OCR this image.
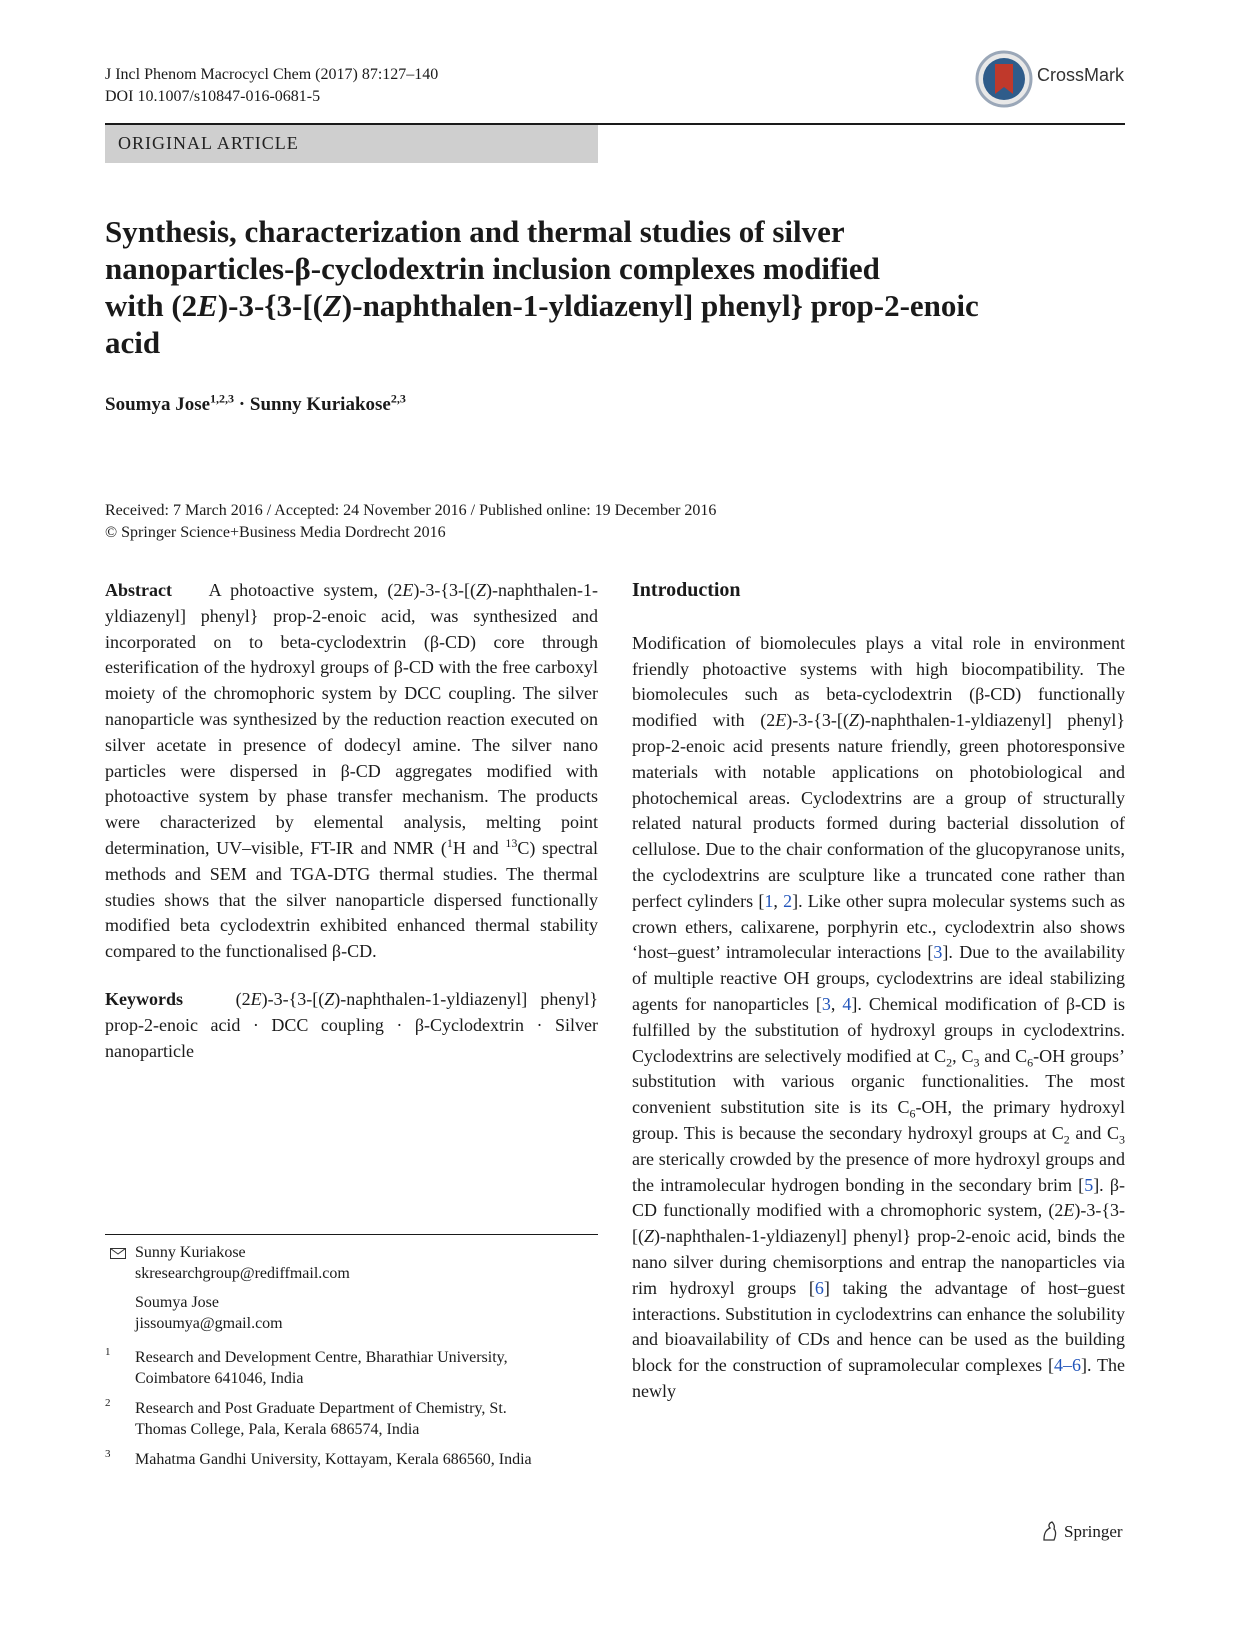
J Incl Phenom Macrocycl Chem (2017) 87:127–140
DOI 10.1007/s10847-016-0681-5
CrossMark
ORIGINAL ARTICLE
Synthesis, characterization and thermal studies of silver
nanoparticles-β-cyclodextrin inclusion complexes modified
with (2E)-3-{3-[(Z)-naphthalen-1-yldiazenyl] phenyl} prop-2-enoic
acid
Soumya Jose$^{1,2,3}$ · Sunny Kuriakose$^{2,3}$
Received: 7 March 2016 / Accepted: 24 November 2016 / Published online: 19 December 2016
© Springer Science+Business Media Dordrecht 2016

Abstract A photoactive system, (2E)-3-{3-[(Z)-naphthalen-1-yldiazenyl] phenyl} prop-2-enoic acid, was synthesized and incorporated on to beta-cyclodextrin (β-CD) core through esterification of the hydroxyl groups of β-CD with the free carboxyl moiety of the chromophoric system by DCC coupling. The silver nanoparticle was synthesized by the reduction reaction executed on silver acetate in presence of dodecyl amine. The silver nano particles were dispersed in β-CD aggregates modified with photoactive system by phase transfer mechanism. The products were characterized by elemental analysis, melting point determination, UV–visible, FT-IR and NMR ($^1$H and $^{13}$C) spectral methods and SEM and TGA-DTG thermal studies. The thermal studies shows that the silver nanoparticle dispersed functionally modified beta cyclodextrin exhibited enhanced thermal stability compared to the functionalised β-CD.

Keywords	(2E)-3-{3-[(Z)-naphthalen-1-yldiazenyl] phenyl} prop-2-enoic acid · DCC coupling · β-Cyclodextrin · Silver nanoparticle

Sunny Kuriakose
skresearchgroup@rediffmail.com
Soumya Jose
jissoumya@gmail.com
1 Research and Development Centre, Bharathiar University,
Coimbatore 641046, India
2 Research and Post Graduate Department of Chemistry, St.
Thomas College, Pala, Kerala 686574, India
3 Mahatma Gandhi University, Kottayam, Kerala 686560, India
Introduction

Modification of biomolecules plays a vital role in environment friendly photoactive systems with high biocompatibility. The biomolecules such as beta-cyclodextrin (β-CD) functionally modified with (2E)-3-{3-[(Z)-naphthalen-1-yldiazenyl] phenyl} prop-2-enoic acid presents nature friendly, green photoresponsive materials with notable applications on photobiological and photochemical areas. Cyclodextrins are a group of structurally related natural products formed during bacterial dissolution of cellulose. Due to the chair conformation of the glucopyranose units, the cyclodextrins are sculpture like a truncated cone rather than perfect cylinders [1, 2]. Like other supra molecular systems such as crown ethers, calixarene, porphyrin etc., cyclodextrin also shows ‘host–guest’ intramolecular interactions [3]. Due to the availability of multiple reactive OH groups, cyclodextrins are ideal stabilizing agents for nanoparticles [3, 4]. Chemical modification of β-CD is fulfilled by the substitution of hydroxyl groups in cyclodextrins. Cyclodextrins are selectively modified at $C_2$, $C_3$ and $C_6-OH$ groups’ substitution with various organic functionalities. The most convenient substitution site is its $C_6-OH$, the primary hydroxyl group. This is because the secondary hydroxyl groups at $C_2$ and $C_3$ are sterically crowded by the presence of more hydroxyl groups and the intramolecular hydrogen bonding in the secondary brim [5]. β-CD functionally modified with a chromophoric system, (2E)-3-{3-[(Z)-naphthalen-1-yldiazenyl] phenyl} prop-2-enoic acid, binds the nano silver during chemisorptions and entrap the nanoparticles via rim hydroxyl groups [6] taking the advantage of host–guest interactions. Substitution in cyclodextrins can enhance the solubility and bioavailability of CDs and hence can be used as the building block for the construction of supramolecular complexes [4–6]. The newly

Springer
